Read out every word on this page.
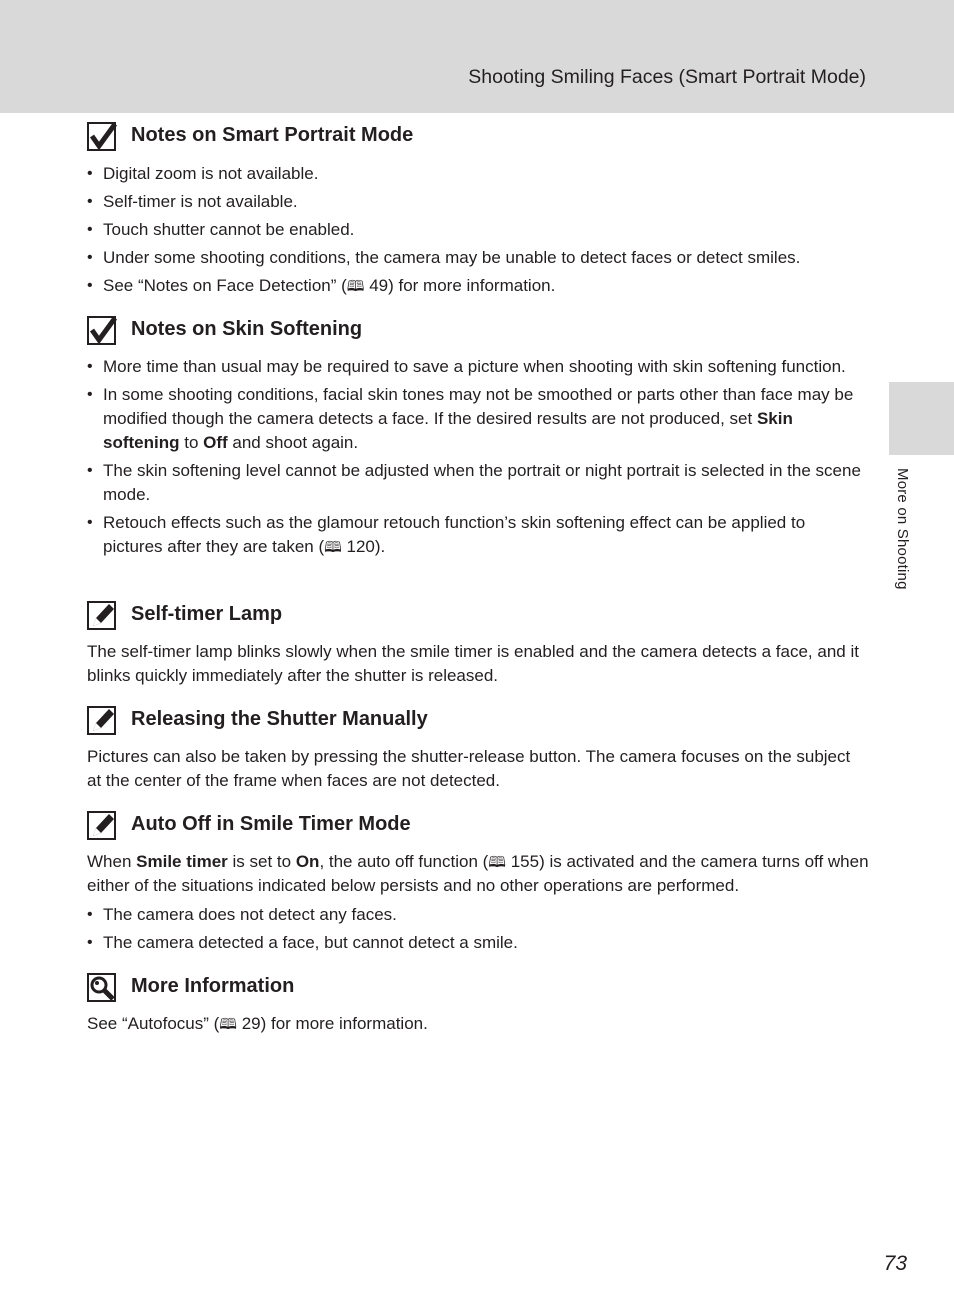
Shooting Smiling Faces (Smart Portrait Mode)
More on Shooting
Notes on Smart Portrait Mode
• Digital zoom is not available.
• Self-timer is not available.
• Touch shutter cannot be enabled.
• Under some shooting conditions, the camera may be unable to detect faces or detect smiles.
• See “Notes on Face Detection” (🕮 49) for more information.
Notes on Skin Softening
• More time than usual may be required to save a picture when shooting with skin softening function.
• In some shooting conditions, facial skin tones may not be smoothed or parts other than face may be modified though the camera detects a face. If the desired results are not produced, set Skin softening to Off and shoot again.
• The skin softening level cannot be adjusted when the portrait or night portrait is selected in the scene mode.
• Retouch effects such as the glamour retouch function’s skin softening effect can be applied to pictures after they are taken (🕮 120).
Self-timer Lamp

The self-timer lamp blinks slowly when the smile timer is enabled and the camera detects a face, and it blinks quickly immediately after the shutter is released.

Releasing the Shutter Manually

Pictures can also be taken by pressing the shutter-release button. The camera focuses on the subject at the center of the frame when faces are not detected.

Auto Off in Smile Timer Mode

When Smile timer is set to On, the auto off function (🕮 155) is activated and the camera turns off when either of the situations indicated below persists and no other operations are performed.

• The camera does not detect any faces.
• The camera detected a face, but cannot detect a smile.
More Information

See “Autofocus” (🕮 29) for more information.

73
